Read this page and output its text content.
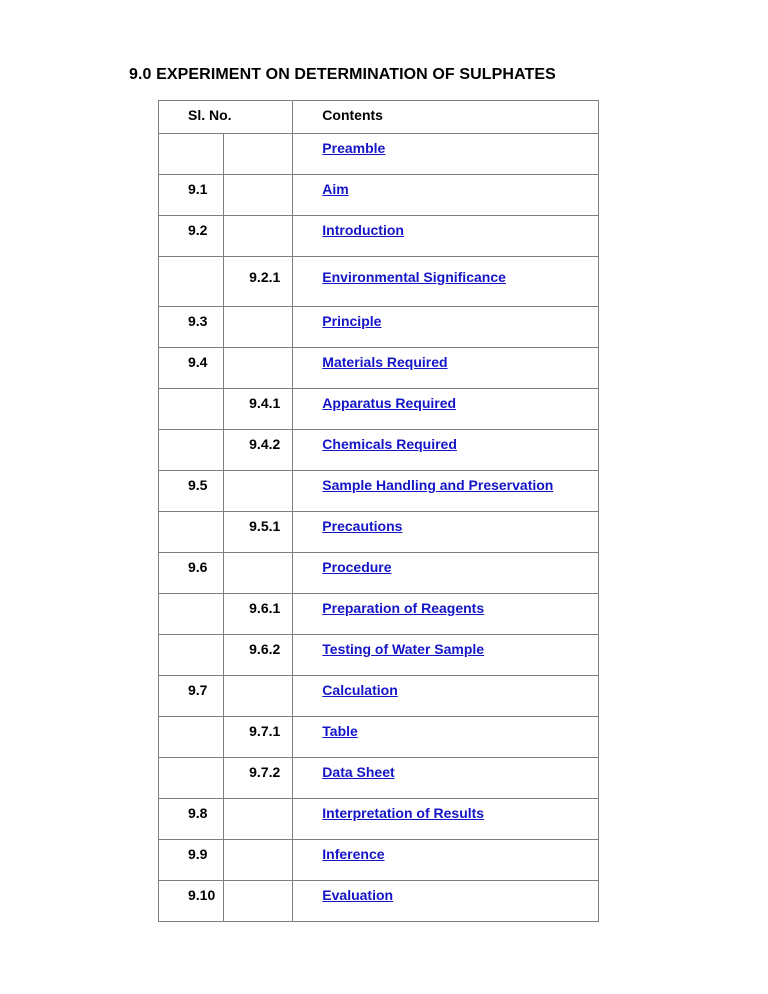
9.0 EXPERIMENT ON DETERMINATION OF SULPHATES
Sl. No.		Contents

		Preamble

9.1		Aim

9.2		Introduction

	9.2.1	Environmental Significance

9.3		Principle

9.4		Materials Required

	9.4.1	Apparatus Required

	9.4.2	Chemicals Required

9.5		Sample Handling and Preservation

	9.5.1	Precautions

9.6		Procedure

	9.6.1	Preparation of Reagents

	9.6.2	Testing of Water Sample

9.7		Calculation

	9.7.1	Table

	9.7.2	Data Sheet

9.8		Interpretation of Results

9.9		Inference

9.10		Evaluation
